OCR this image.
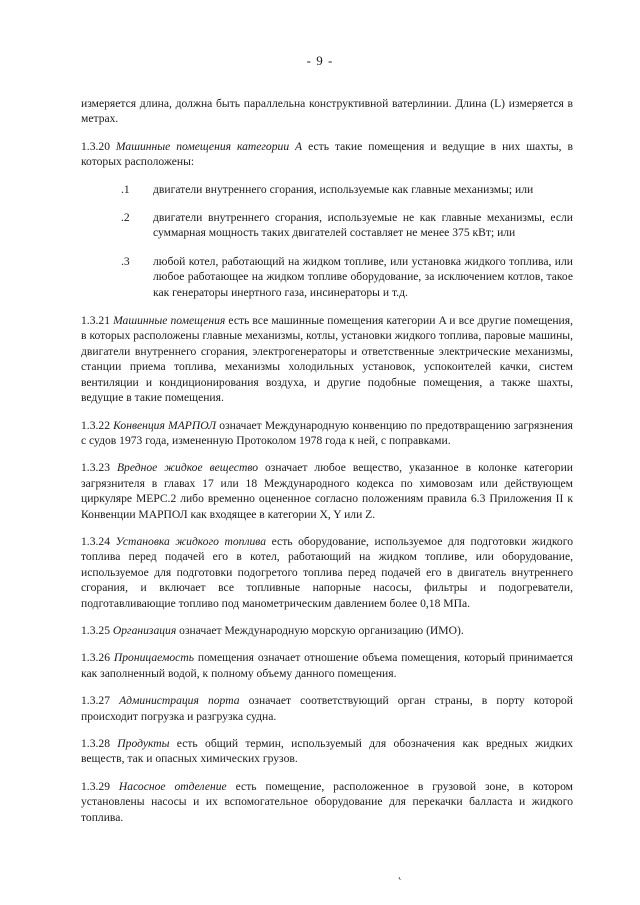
- 9 -

измеряется длина, должна быть параллельна конструктивной ватерлинии. Длина (L) измеряется в метрах.

1.3.20 Машинные помещения категории A есть такие помещения и ведущие в них шахты, в которых расположены:

.1	двигатели внутреннего сгорания, используемые как главные механизмы; или
.2	двигатели внутреннего сгорания, используемые не как главные механизмы, если суммарная мощность таких двигателей составляет не менее 375 кВт; или
.3	любой котел, работающий на жидком топливе, или установка жидкого топлива, или любое работающее на жидком топливе оборудование, за исключением котлов, такое как генераторы инертного газа, инсинераторы и т.д.

1.3.21 Машинные помещения есть все машинные помещения категории A и все другие помещения, в которых расположены главные механизмы, котлы, установки жидкого топлива, паровые машины, двигатели внутреннего сгорания, электрогенераторы и ответственные электрические механизмы, станции приема топлива, механизмы холодильных установок, успокоителей качки, систем вентиляции и кондиционирования воздуха, и другие подобные помещения, а также шахты, ведущие в такие помещения.

1.3.22 Конвенция МАРПОЛ означает Международную конвенцию по предотвращению загрязнения с судов 1973 года, измененную Протоколом 1978 года к ней, с поправками.

1.3.23 Вредное жидкое вещество означает любое вещество, указанное в колонке категории загрязнителя в главах 17 или 18 Международного кодекса по химовозам или действующем циркуляре MEPC.2 либо временно оцененное согласно положениям правила 6.3 Приложения II к Конвенции МАРПОЛ как входящее в категории X, Y или Z.

1.3.24 Установка жидкого топлива есть оборудование, используемое для подготовки жидкого топлива перед подачей его в котел, работающий на жидком топливе, или оборудование, используемое для подготовки подогретого топлива перед подачей его в двигатель внутреннего сгорания, и включает все топливные напорные насосы, фильтры и подогреватели, подготавливающие топливо под манометрическим давлением более 0,18 МПа.

1.3.25 Организация означает Международную морскую организацию (ИМО).

1.3.26 Проницаемость помещения означает отношение объема помещения, который принимается как заполненный водой, к полному объему данного помещения.

1.3.27 Администрация порта означает соответствующий орган страны, в порту которой происходит погрузка и разгрузка судна.

1.3.28 Продукты есть общий термин, используемый для обозначения как вредных жидких веществ, так и опасных химических грузов.

1.3.29 Насосное отделение есть помещение, расположенное в грузовой зоне, в котором установлены насосы и их вспомогательное оборудование для перекачки балласта и жидкого топлива.

˛
